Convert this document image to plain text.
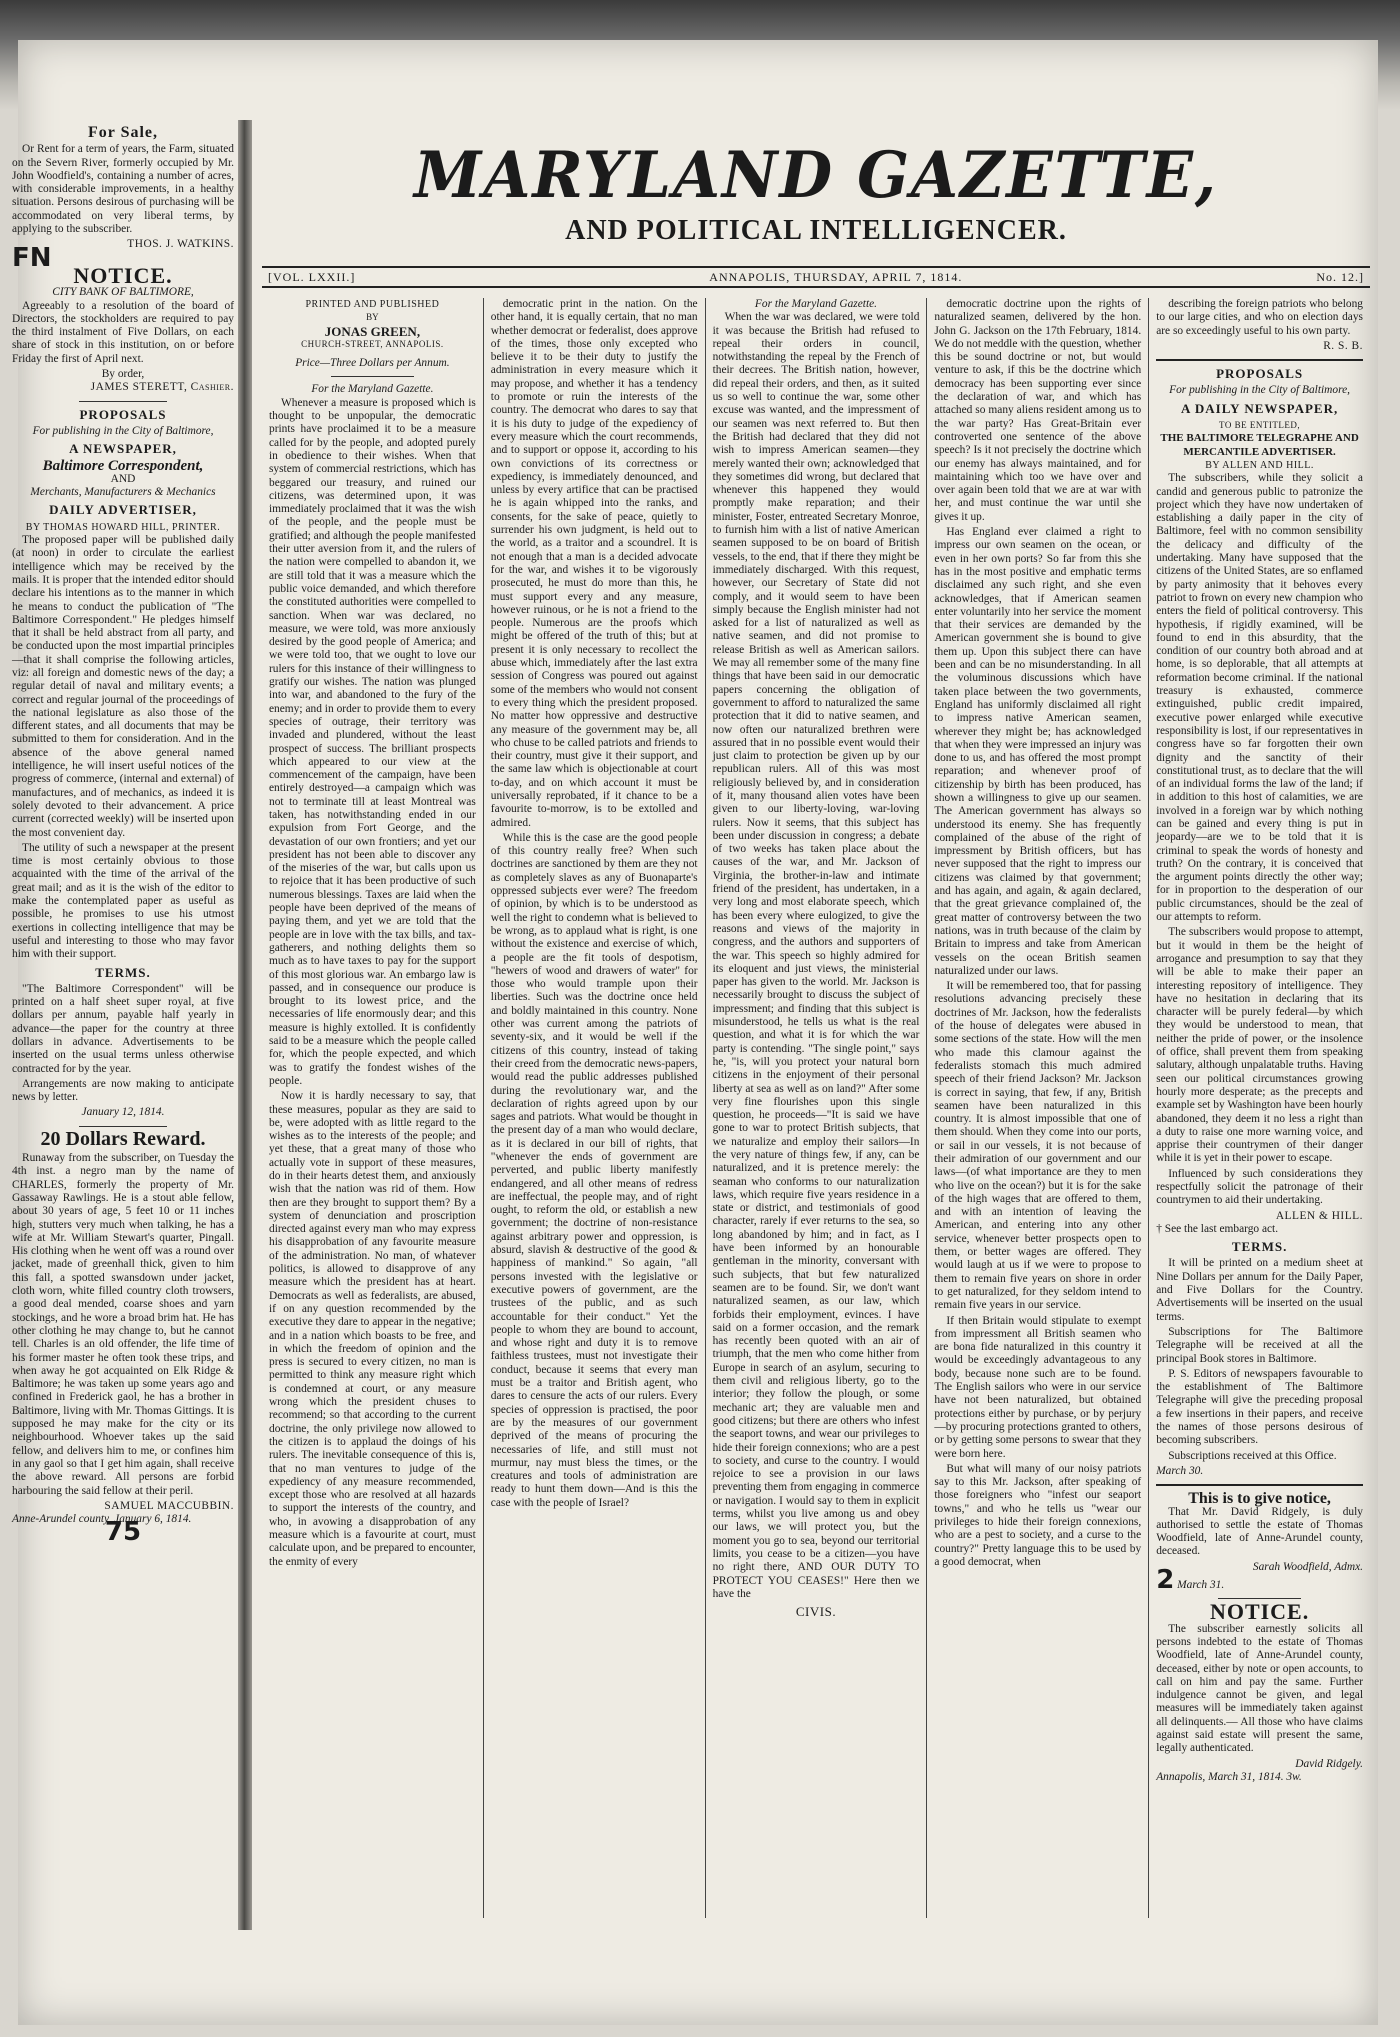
For Sale,

Or Rent for a term of years, the Farm, situated on the Severn River, formerly occupied by Mr. John Woodfield's, containing a number of acres, with considerable improvements, in a healthy situation. Persons desirous of purchasing will be accommodated on very liberal terms, by applying to the subscriber.

THOS. J. WATKINS.
FN
NOTICE.
CITY BANK OF BALTIMORE,

Agreeably to a resolution of the board of Directors, the stockholders are required to pay the third instalment of Five Dollars, on each share of stock in this institution, on or before Friday the first of April next.

By order,
JAMES STERETT, Cashier.
PROPOSALS
For publishing in the City of Baltimore,
A NEWSPAPER,
Baltimore Correspondent,
AND
Merchants, Manufacturers & Mechanics
DAILY ADVERTISER,
BY THOMAS HOWARD HILL, PRINTER.

The proposed paper will be published daily (at noon) in order to circulate the earliest intelligence which may be received by the mails. It is proper that the intended editor should declare his intentions as to the manner in which he means to conduct the publication of "The Baltimore Correspondent." He pledges himself that it shall be held abstract from all party, and be conducted upon the most impartial principles—that it shall comprise the following articles, viz: all foreign and domestic news of the day; a regular detail of naval and military events; a correct and regular journal of the proceedings of the national legislature as also those of the different states, and all documents that may be submitted to them for consideration. And in the absence of the above general named intelligence, he will insert useful notices of the progress of commerce, (internal and external) of manufactures, and of mechanics, as indeed it is solely devoted to their advancement. A price current (corrected weekly) will be inserted upon the most convenient day.

The utility of such a newspaper at the present time is most certainly obvious to those acquainted with the time of the arrival of the great mail; and as it is the wish of the editor to make the contemplated paper as useful as possible, he promises to use his utmost exertions in collecting intelligence that may be useful and interesting to those who may favor him with their support.

TERMS.

"The Baltimore Correspondent" will be printed on a half sheet super royal, at five dollars per annum, payable half yearly in advance—the paper for the country at three dollars in advance. Advertisements to be inserted on the usual terms unless otherwise contracted for by the year.

Arrangements are now making to anticipate news by letter.

January 12, 1814.
20 Dollars Reward.

Runaway from the subscriber, on Tuesday the 4th inst. a negro man by the name of CHARLES, formerly the property of Mr. Gassaway Rawlings. He is a stout able fellow, about 30 years of age, 5 feet 10 or 11 inches high, stutters very much when talking, he has a wife at Mr. William Stewart's quarter, Pingall. His clothing when he went off was a round over jacket, made of greenhall thick, given to him this fall, a spotted swansdown under jacket, cloth worn, white filled country cloth trowsers, a good deal mended, coarse shoes and yarn stockings, and he wore a broad brim hat. He has other clothing he may change to, but he cannot tell. Charles is an old offender, the life time of his former master he often took these trips, and when away he got acquainted on Elk Ridge & Baltimore; he was taken up some years ago and confined in Frederick gaol, he has a brother in Baltimore, living with Mr. Thomas Gittings. It is supposed he may make for the city or its neighbourhood. Whoever takes up the said fellow, and delivers him to me, or confines him in any gaol so that I get him again, shall receive the above reward. All persons are forbid harbouring the said fellow at their peril.

SAMUEL MACCUBBIN.
Anne-Arundel county, January 6, 1814.
75
MARYLAND GAZETTE,
AND POLITICAL INTELLIGENCER.
[VOL. LXXII.]	ANNAPOLIS, THURSDAY, APRIL 7, 1814.	No. 12.]
PRINTED AND PUBLISHED
BY
JONAS GREEN,
CHURCH-STREET, ANNAPOLIS.
Price—Three Dollars per Annum.
For the Maryland Gazette.

Whenever a measure is proposed which is thought to be unpopular, the democratic prints have proclaimed it to be a measure called for by the people, and adopted purely in obedience to their wishes. When that system of commercial restrictions, which has beggared our treasury, and ruined our citizens, was determined upon, it was immediately proclaimed that it was the wish of the people, and the people must be gratified; and although the people manifested their utter aversion from it, and the rulers of the nation were compelled to abandon it, we are still told that it was a measure which the public voice demanded, and which therefore the constituted authorities were compelled to sanction. When war was declared, no measure, we were told, was more anxiously desired by the good people of America; and we were told too, that we ought to love our rulers for this instance of their willingness to gratify our wishes. The nation was plunged into war, and abandoned to the fury of the enemy; and in order to provide them to every species of outrage, their territory was invaded and plundered, without the least prospect of success. The brilliant prospects which appeared to our view at the commencement of the campaign, have been entirely destroyed—a campaign which was not to terminate till at least Montreal was taken, has notwithstanding ended in our expulsion from Fort George, and the devastation of our own frontiers; and yet our president has not been able to discover any of the miseries of the war, but calls upon us to rejoice that it has been productive of such numerous blessings. Taxes are laid when the people have been deprived of the means of paying them, and yet we are told that the people are in love with the tax bills, and tax-gatherers, and nothing delights them so much as to have taxes to pay for the support of this most glorious war. An embargo law is passed, and in consequence our produce is brought to its lowest price, and the necessaries of life enormously dear; and this measure is highly extolled. It is confidently said to be a measure which the people called for, which the people expected, and which was to gratify the fondest wishes of the people.

Now it is hardly necessary to say, that these measures, popular as they are said to be, were adopted with as little regard to the wishes as to the interests of the people; and yet these, that a great many of those who actually vote in support of these measures, do in their hearts detest them, and anxiously wish that the nation was rid of them. How then are they brought to support them? By a system of denunciation and proscription directed against every man who may express his disapprobation of any favourite measure of the administration. No man, of whatever politics, is allowed to disapprove of any measure which the president has at heart. Democrats as well as federalists, are abused, if on any question recommended by the executive they dare to appear in the negative; and in a nation which boasts to be free, and in which the freedom of opinion and the press is secured to every citizen, no man is permitted to think any measure right which is condemned at court, or any measure wrong which the president chuses to recommend; so that according to the current doctrine, the only privilege now allowed to the citizen is to applaud the doings of his rulers. The inevitable consequence of this is, that no man ventures to judge of the expediency of any measure recommended, except those who are resolved at all hazards to support the interests of the country, and who, in avowing a disapprobation of any measure which is a favourite at court, must calculate upon, and be prepared to encounter, the enmity of every

democratic print in the nation. On the other hand, it is equally certain, that no man whether democrat or federalist, does approve of the times, those only excepted who believe it to be their duty to justify the administration in every measure which it may propose, and whether it has a tendency to promote or ruin the interests of the country. The democrat who dares to say that it is his duty to judge of the expediency of every measure which the court recommends, and to support or oppose it, according to his own convictions of its correctness or expediency, is immediately denounced, and unless by every artifice that can be practised he is again whipped into the ranks, and consents, for the sake of peace, quietly to surrender his own judgment, is held out to the world, as a traitor and a scoundrel. It is not enough that a man is a decided advocate for the war, and wishes it to be vigorously prosecuted, he must do more than this, he must support every and any measure, however ruinous, or he is not a friend to the people. Numerous are the proofs which might be offered of the truth of this; but at present it is only necessary to recollect the abuse which, immediately after the last extra session of Congress was poured out against some of the members who would not consent to every thing which the president proposed. No matter how oppressive and destructive any measure of the government may be, all who chuse to be called patriots and friends to their country, must give it their support, and the same law which is objectionable at court to-day, and on which account it must be universally reprobated, if it chance to be a favourite to-morrow, is to be extolled and admired.

While this is the case are the good people of this country really free? When such doctrines are sanctioned by them are they not as completely slaves as any of Buonaparte's oppressed subjects ever were? The freedom of opinion, by which is to be understood as well the right to condemn what is believed to be wrong, as to applaud what is right, is one without the existence and exercise of which, a people are the fit tools of despotism, "hewers of wood and drawers of water" for those who would trample upon their liberties. Such was the doctrine once held and boldly maintained in this country. None other was current among the patriots of seventy-six, and it would be well if the citizens of this country, instead of taking their creed from the democratic news-papers, would read the public addresses published during the revolutionary war, and the declaration of rights agreed upon by our sages and patriots. What would be thought in the present day of a man who would declare, as it is declared in our bill of rights, that "whenever the ends of government are perverted, and public liberty manifestly endangered, and all other means of redress are ineffectual, the people may, and of right ought, to reform the old, or establish a new government; the doctrine of non-resistance against arbitrary power and oppression, is absurd, slavish & destructive of the good & happiness of mankind." So again, "all persons invested with the legislative or executive powers of government, are the trustees of the public, and as such accountable for their conduct." Yet the people to whom they are bound to account, and whose right and duty it is to remove faithless trustees, must not investigate their conduct, because it seems that every man must be a traitor and British agent, who dares to censure the acts of our rulers. Every species of oppression is practised, the poor are by the measures of our government deprived of the means of procuring the necessaries of life, and still must not murmur, nay must bless the times, or the creatures and tools of administration are ready to hunt them down—And is this the case with the people of Israel?

For the Maryland Gazette.

When the war was declared, we were told it was because the British had refused to repeal their orders in council, notwithstanding the repeal by the French of their decrees. The British nation, however, did repeal their orders, and then, as it suited us so well to continue the war, some other excuse was wanted, and the impressment of our seamen was next referred to. But then the British had declared that they did not wish to impress American seamen—they merely wanted their own; acknowledged that they sometimes did wrong, but declared that whenever this happened they would promptly make reparation; and their minister, Foster, entreated Secretary Monroe, to furnish him with a list of native American seamen supposed to be on board of British vessels, to the end, that if there they might be immediately discharged. With this request, however, our Secretary of State did not comply, and it would seem to have been simply because the English minister had not asked for a list of naturalized as well as native seamen, and did not promise to release British as well as American sailors. We may all remember some of the many fine things that have been said in our democratic papers concerning the obligation of government to afford to naturalized the same protection that it did to native seamen, and now often our naturalized brethren were assured that in no possible event would their just claim to protection be given up by our republican rulers. All of this was most religiously believed by, and in consideration of it, many thousand alien votes have been given to our liberty-loving, war-loving rulers. Now it seems, that this subject has been under discussion in congress; a debate of two weeks has taken place about the causes of the war, and Mr. Jackson of Virginia, the brother-in-law and intimate friend of the president, has undertaken, in a very long and most elaborate speech, which has been every where eulogized, to give the reasons and views of the majority in congress, and the authors and supporters of the war. This speech so highly admired for its eloquent and just views, the ministerial paper has given to the world. Mr. Jackson is necessarily brought to discuss the subject of impressment; and finding that this subject is misunderstood, he tells us what is the real question, and what it is for which the war party is contending. "The single point," says he, "is, will you protect your natural born citizens in the enjoyment of their personal liberty at sea as well as on land?" After some very fine flourishes upon this single question, he proceeds—"It is said we have gone to war to protect British subjects, that we naturalize and employ their sailors—In the very nature of things few, if any, can be naturalized, and it is pretence merely: the seaman who conforms to our naturalization laws, which require five years residence in a state or district, and testimonials of good character, rarely if ever returns to the sea, so long abandoned by him; and in fact, as I have been informed by an honourable gentleman in the minority, conversant with such subjects, that but few naturalized seamen are to be found. Sir, we don't want naturalized seamen, as our law, which forbids their employment, evinces. I have said on a former occasion, and the remark has recently been quoted with an air of triumph, that the men who come hither from Europe in search of an asylum, securing to them civil and religious liberty, go to the interior; they follow the plough, or some mechanic art; they are valuable men and good citizens; but there are others who infest the seaport towns, and wear our privileges to hide their foreign connexions; who are a pest to society, and curse to the country. I would rejoice to see a provision in our laws preventing them from engaging in commerce or navigation. I would say to them in explicit terms, whilst you live among us and obey our laws, we will protect you, but the moment you go to sea, beyond our territorial limits, you cease to be a citizen—you have no right there, AND OUR DUTY TO PROTECT YOU CEASES!" Here then we have the

CIVIS.

democratic doctrine upon the rights of naturalized seamen, delivered by the hon. John G. Jackson on the 17th February, 1814. We do not meddle with the question, whether this be sound doctrine or not, but would venture to ask, if this be the doctrine which democracy has been supporting ever since the declaration of war, and which has attached so many aliens resident among us to the war party? Has Great-Britain ever controverted one sentence of the above speech? Is it not precisely the doctrine which our enemy has always maintained, and for maintaining which too we have over and over again been told that we are at war with her, and must continue the war until she gives it up.

Has England ever claimed a right to impress our own seamen on the ocean, or even in her own ports? So far from this she has in the most positive and emphatic terms disclaimed any such right, and she even acknowledges, that if American seamen enter voluntarily into her service the moment that their services are demanded by the American government she is bound to give them up. Upon this subject there can have been and can be no misunderstanding. In all the voluminous discussions which have taken place between the two governments, England has uniformly disclaimed all right to impress native American seamen, wherever they might be; has acknowledged that when they were impressed an injury was done to us, and has offered the most prompt reparation; and whenever proof of citizenship by birth has been produced, has shown a willingness to give up our seamen. The American government has always so understood its enemy. She has frequently complained of the abuse of the right of impressment by British officers, but has never supposed that the right to impress our citizens was claimed by that government; and has again, and again, & again declared, that the great grievance complained of, the great matter of controversy between the two nations, was in truth because of the claim by Britain to impress and take from American vessels on the ocean British seamen naturalized under our laws.

It will be remembered too, that for passing resolutions advancing precisely these doctrines of Mr. Jackson, how the federalists of the house of delegates were abused in some sections of the state. How will the men who made this clamour against the federalists stomach this much admired speech of their friend Jackson? Mr. Jackson is correct in saying, that few, if any, British seamen have been naturalized in this country. It is almost impossible that one of them should. When they come into our ports, or sail in our vessels, it is not because of their admiration of our government and our laws—(of what importance are they to men who live on the ocean?) but it is for the sake of the high wages that are offered to them, and with an intention of leaving the American, and entering into any other service, whenever better prospects open to them, or better wages are offered. They would laugh at us if we were to propose to them to remain five years on shore in order to get naturalized, for they seldom intend to remain five years in our service.

If then Britain would stipulate to exempt from impressment all British seamen who are bona fide naturalized in this country it would be exceedingly advantageous to any body, because none such are to be found. The English sailors who were in our service have not been naturalized, but obtained protections either by purchase, or by perjury—by procuring protections granted to others, or by getting some persons to swear that they were born here.

But what will many of our noisy patriots say to this Mr. Jackson, after speaking of those foreigners who "infest our seaport towns," and who he tells us "wear our privileges to hide their foreign connexions, who are a pest to society, and a curse to the country?" Pretty language this to be used by a good democrat, when

describing the foreign patriots who belong to our large cities, and who on election days are so exceedingly useful to his own party.

R. S. B.
PROPOSALS
For publishing in the City of Baltimore,
A DAILY NEWSPAPER,
TO BE ENTITLED,
THE BALTIMORE TELEGRAPHE AND MERCANTILE ADVERTISER.
BY ALLEN AND HILL.

The subscribers, while they solicit a candid and generous public to patronize the project which they have now undertaken of establishing a daily paper in the city of Baltimore, feel with no common sensibility the delicacy and difficulty of the undertaking. Many have supposed that the citizens of the United States, are so enflamed by party animosity that it behoves every patriot to frown on every new champion who enters the field of political controversy. This hypothesis, if rigidly examined, will be found to end in this absurdity, that the condition of our country both abroad and at home, is so deplorable, that all attempts at reformation become criminal. If the national treasury is exhausted, commerce extinguished, public credit impaired, executive power enlarged while executive responsibility is lost, if our representatives in congress have so far forgotten their own dignity and the sanctity of their constitutional trust, as to declare that the will of an individual forms the law of the land; if in addition to this host of calamities, we are involved in a foreign war by which nothing can be gained and every thing is put in jeopardy—are we to be told that it is criminal to speak the words of honesty and truth? On the contrary, it is conceived that the argument points directly the other way; for in proportion to the desperation of our public circumstances, should be the zeal of our attempts to reform.

The subscribers would propose to attempt, but it would in them be the height of arrogance and presumption to say that they will be able to make their paper an interesting repository of intelligence. They have no hesitation in declaring that its character will be purely federal—by which they would be understood to mean, that neither the pride of power, or the insolence of office, shall prevent them from speaking salutary, although unpalatable truths. Having seen our political circumstances growing hourly more desperate; as the precepts and example set by Washington have been hourly abandoned, they deem it no less a right than a duty to raise one more warning voice, and apprise their countrymen of their danger while it is yet in their power to escape.

Influenced by such considerations they respectfully solicit the patronage of their countrymen to aid their undertaking.

ALLEN & HILL.
† See the last embargo act.
TERMS.

It will be printed on a medium sheet at Nine Dollars per annum for the Daily Paper, and Five Dollars for the Country. Advertisements will be inserted on the usual terms.

Subscriptions for The Baltimore Telegraphe will be received at all the principal Book stores in Baltimore.

P. S. Editors of newspapers favourable to the establishment of The Baltimore Telegraphe will give the preceding proposal a few insertions in their papers, and receive the names of those persons desirous of becoming subscribers.

Subscriptions received at this Office.

March 30.
This is to give notice,

That Mr. David Ridgely, is duly authorised to settle the estate of Thomas Woodfield, late of Anne-Arundel county, deceased.

Sarah Woodfield, Admx.
2 March 31.
NOTICE.

The subscriber earnestly solicits all persons indebted to the estate of Thomas Woodfield, late of Anne-Arundel county, deceased, either by note or open accounts, to call on him and pay the same. Further indulgence cannot be given, and legal measures will be immediately taken against all delinquents.— All those who have claims against said estate will present the same, legally authenticated.

David Ridgely.
Annapolis, March 31, 1814. 3w.
